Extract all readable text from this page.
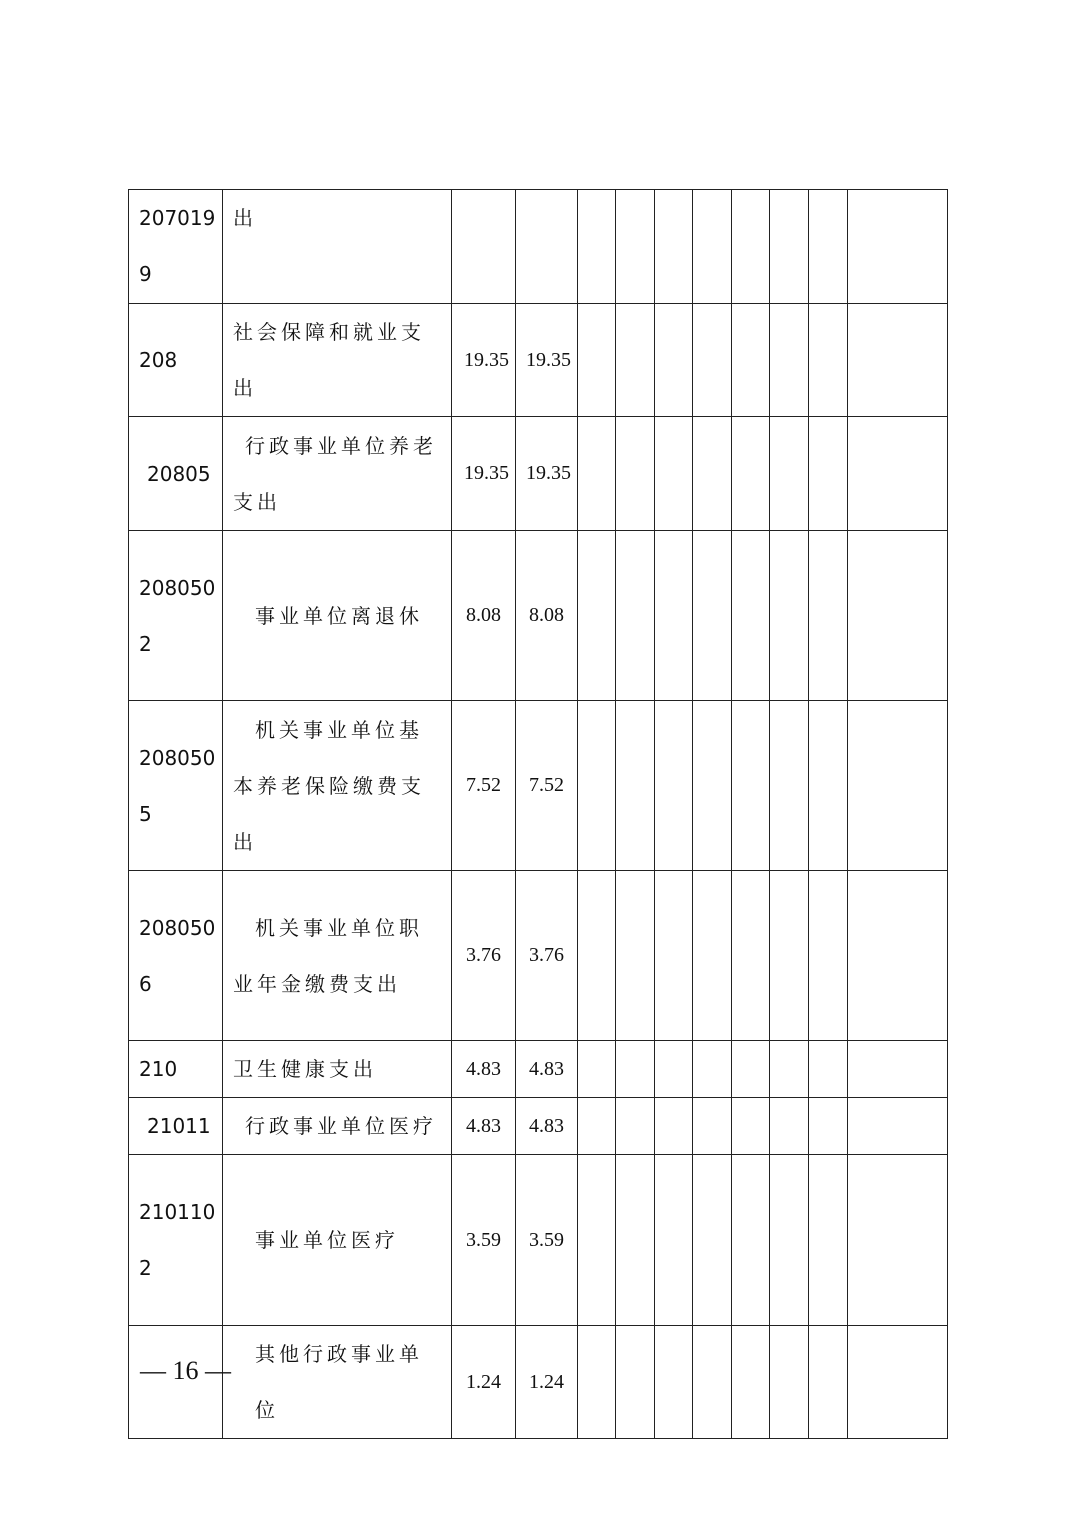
2070199	出										
208	社会保障和就业支出	19.35	19.35								
20805	行政事业单位养老支出	19.35	19.35								
2080502	事业单位离退休	8.08	8.08								
2080505	机关事业单位基本养老保险缴费支出	7.52	7.52								
2080506	机关事业单位职业年金缴费支出	3.76	3.76								
210	卫生健康支出	4.83	4.83								
21011	行政事业单位医疗	4.83	4.83								
2101102	事业单位医疗	3.59	3.59								
	其他行政事业单位	1.24	1.24								
— 16 —
